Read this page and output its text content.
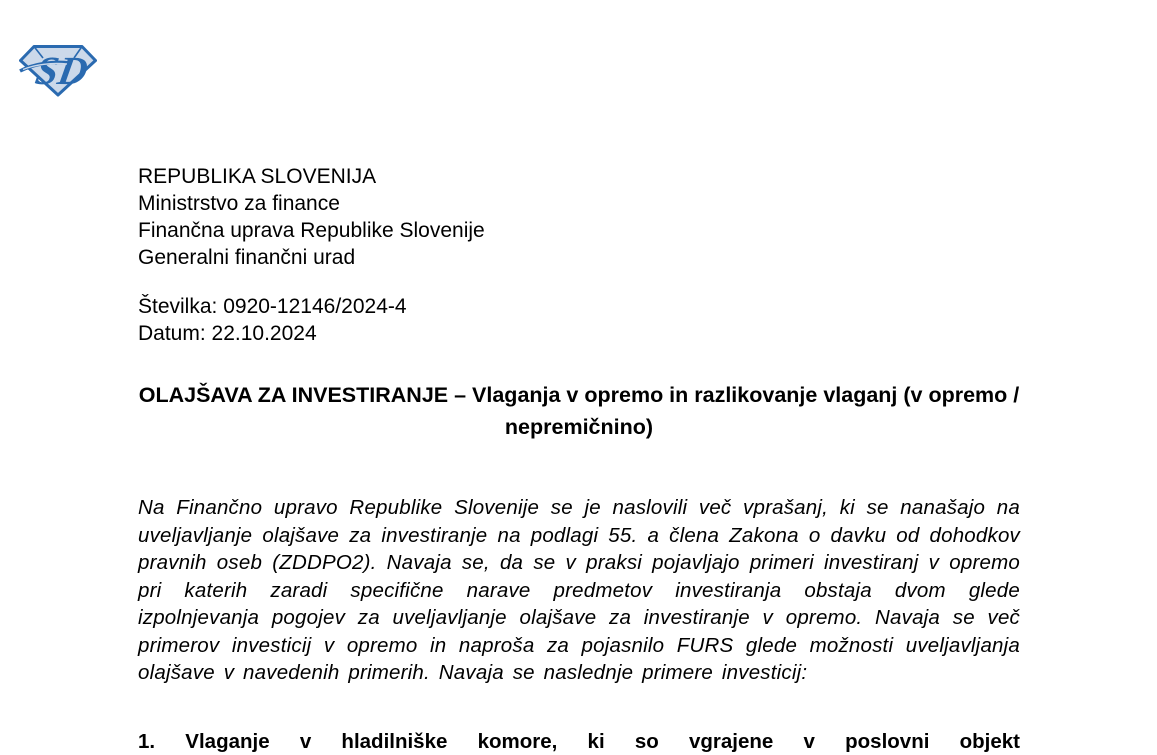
SD
REPUBLIKA SLOVENIJA
Ministrstvo za finance
Finančna uprava Republike Slovenije
Generalni finančni urad
Številka: 0920-12146/2024-4
Datum: 22.10.2024
OLAJŠAVA ZA INVESTIRANJE – Vlaganja v opremo in razlikovanje vlaganj (v opremo / nepremičnino)
Na Finančno upravo Republike Slovenije se je naslovili več vprašanj, ki se nanašajo na uveljavljanje olajšave za investiranje na podlagi 55. a člena Zakona o davku od dohodkov pravnih oseb (ZDDPO2). Navaja se, da se v praksi pojavljajo primeri investiranj v opremo pri katerih zaradi specifične narave predmetov investiranja obstaja dvom glede izpolnjevanja pogojev za uveljavljanje olajšave za investiranje v opremo. Navaja se več primerov investicij v opremo in naproša za pojasnilo FURS glede možnosti uveljavljanja olajšave v navedenih primerih. Navaja se naslednje primere investicij:
1. Vlaganje v hladilniške komore, ki so vgrajene v poslovni objekt
